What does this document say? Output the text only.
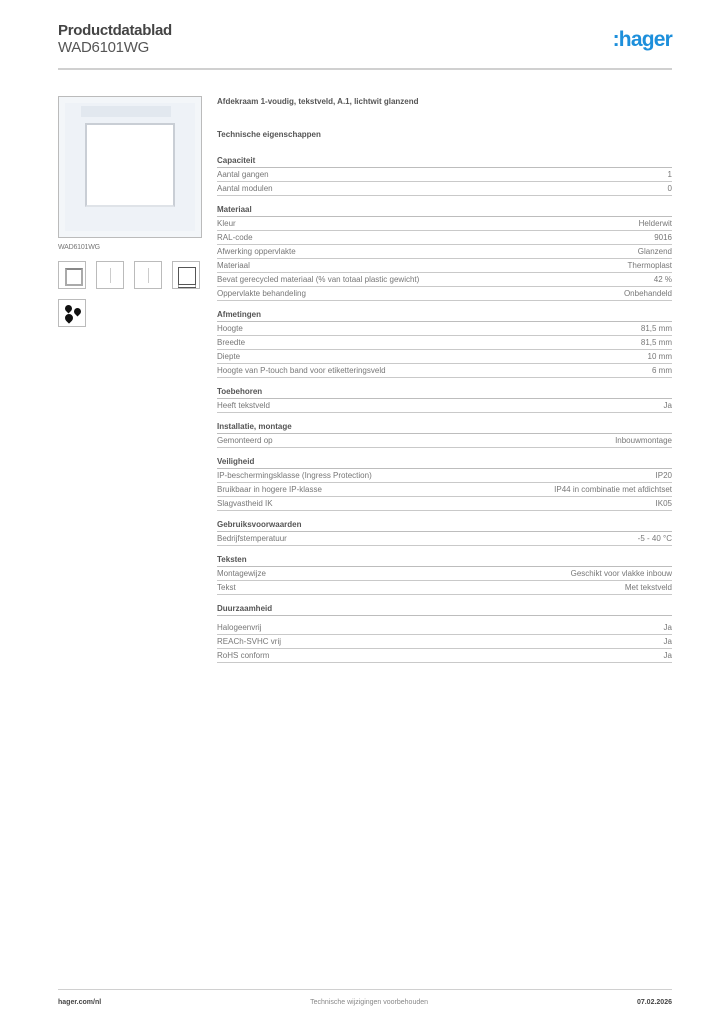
Productdatablad
WAD6101WG	:hager
WAD6101WG
Afdekraam 1-voudig, tekstveld, A.1, lichtwit glanzend
Technische eigenschappen
Capaciteit
Aantal gangen	1
Aantal modulen	0
Materiaal
Kleur	Helderwit
RAL-code	9016
Afwerking oppervlakte	Glanzend
Materiaal	Thermoplast
Bevat gerecycled materiaal (% van totaal plastic gewicht)	42 %
Oppervlakte behandeling	Onbehandeld
Afmetingen
Hoogte	81,5 mm
Breedte	81,5 mm
Diepte	10 mm
Hoogte van P-touch band voor etiketteringsveld	6 mm
Toebehoren
Heeft tekstveld	Ja
Installatie, montage
Gemonteerd op	Inbouwmontage
Veiligheid
IP-beschermingsklasse (Ingress Protection)	IP20
Bruikbaar in hogere IP-klasse	IP44 in combinatie met afdichtset
Slagvastheid IK	IK05
Gebruiksvoorwaarden
Bedrijfstemperatuur	-5 - 40 °C
Teksten
Montagewijze	Geschikt voor vlakke inbouw
Tekst	Met tekstveld
Duurzaamheid
Halogeenvrij	Ja
REACh-SVHC vrij	Ja
RoHS conform	Ja
hager.com/nl	Technische wijzigingen voorbehouden	07.02.2026
